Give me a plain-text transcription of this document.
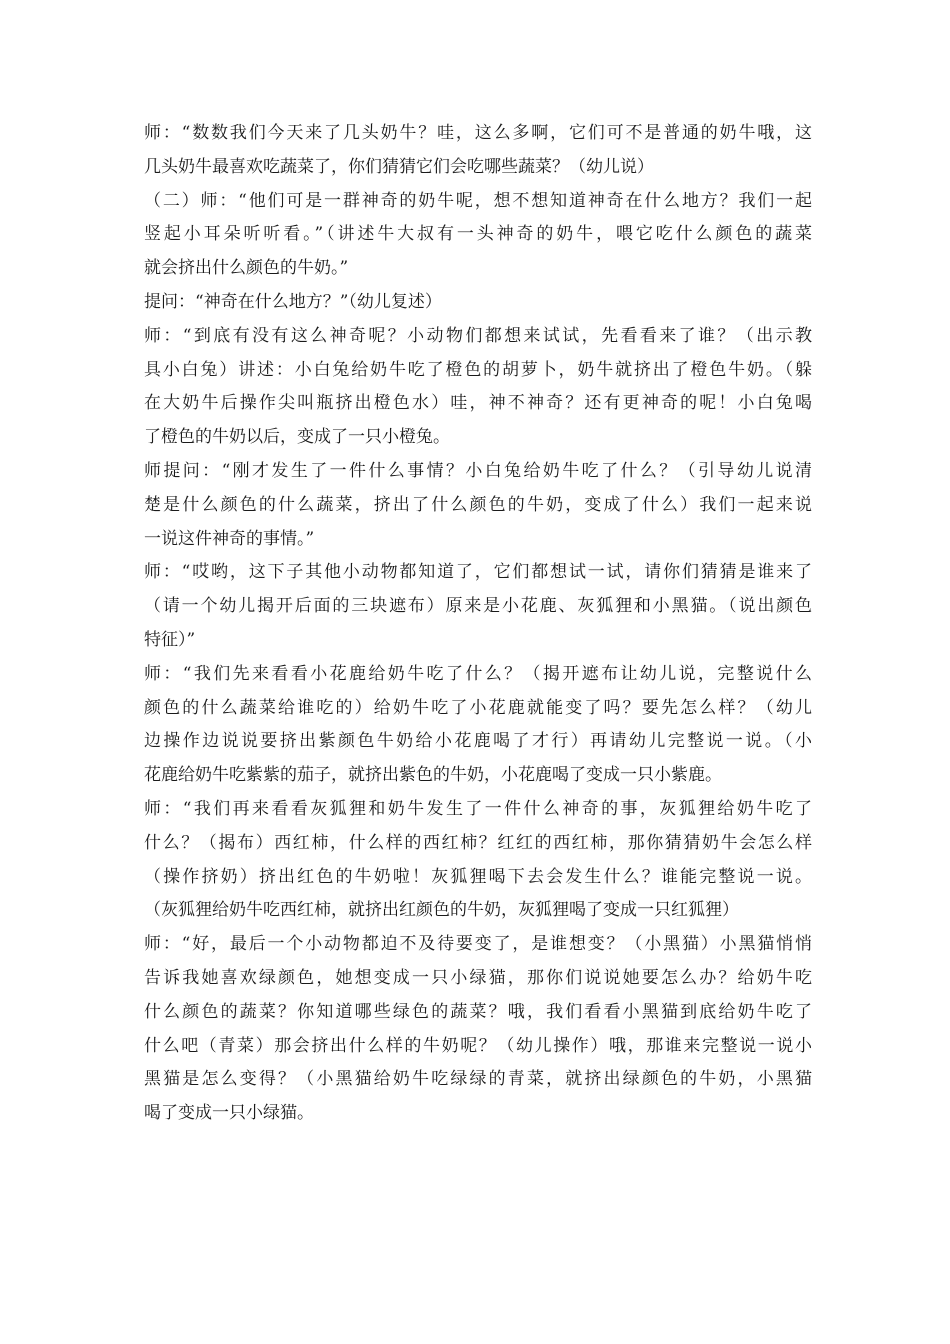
师：“数数我们今天来了几头奶牛？哇，这么多啊，它们可不是普通的奶牛哦，这
几头奶牛最喜欢吃蔬菜了，你们猜猜它们会吃哪些蔬菜？（幼儿说）
（二）师：“他们可是一群神奇的奶牛呢，想不想知道神奇在什么地方？我们一起
竖起小耳朵听听看。”（讲述牛大叔有一头神奇的奶牛，喂它吃什么颜色的蔬菜
就会挤出什么颜色的牛奶。”
提问：“神奇在什么地方？”（幼儿复述）
师：“到底有没有这么神奇呢？小动物们都想来试试，先看看来了谁？（出示教
具小白兔）讲述：小白兔给奶牛吃了橙色的胡萝卜，奶牛就挤出了橙色牛奶。（躲
在大奶牛后操作尖叫瓶挤出橙色水）哇，神不神奇？还有更神奇的呢！小白兔喝
了橙色的牛奶以后，变成了一只小橙兔。
师提问：“刚才发生了一件什么事情？小白兔给奶牛吃了什么？（引导幼儿说清
楚是什么颜色的什么蔬菜，挤出了什么颜色的牛奶，变成了什么）我们一起来说
一说这件神奇的事情。”
师：“哎哟，这下子其他小动物都知道了，它们都想试一试，请你们猜猜是谁来了
（请一个幼儿揭开后面的三块遮布）原来是小花鹿、灰狐狸和小黑猫。（说出颜色
特征）”
师：“我们先来看看小花鹿给奶牛吃了什么？（揭开遮布让幼儿说，完整说什么
颜色的什么蔬菜给谁吃的）给奶牛吃了小花鹿就能变了吗？要先怎么样？（幼儿
边操作边说说要挤出紫颜色牛奶给小花鹿喝了才行）再请幼儿完整说一说。（小
花鹿给奶牛吃紫紫的茄子，就挤出紫色的牛奶，小花鹿喝了变成一只小紫鹿。
师：“我们再来看看灰狐狸和奶牛发生了一件什么神奇的事，灰狐狸给奶牛吃了
什么？（揭布）西红柿，什么样的西红柿？红红的西红柿，那你猜猜奶牛会怎么样
（操作挤奶）挤出红色的牛奶啦！灰狐狸喝下去会发生什么？谁能完整说一说。
（灰狐狸给奶牛吃西红柿，就挤出红颜色的牛奶，灰狐狸喝了变成一只红狐狸）
师：“好，最后一个小动物都迫不及待要变了，是谁想变？（小黑猫）小黑猫悄悄
告诉我她喜欢绿颜色，她想变成一只小绿猫，那你们说说她要怎么办？给奶牛吃
什么颜色的蔬菜？你知道哪些绿色的蔬菜？哦，我们看看小黑猫到底给奶牛吃了
什么吧（青菜）那会挤出什么样的牛奶呢？（幼儿操作）哦，那谁来完整说一说小
黑猫是怎么变得？（小黑猫给奶牛吃绿绿的青菜，就挤出绿颜色的牛奶，小黑猫
喝了变成一只小绿猫。
